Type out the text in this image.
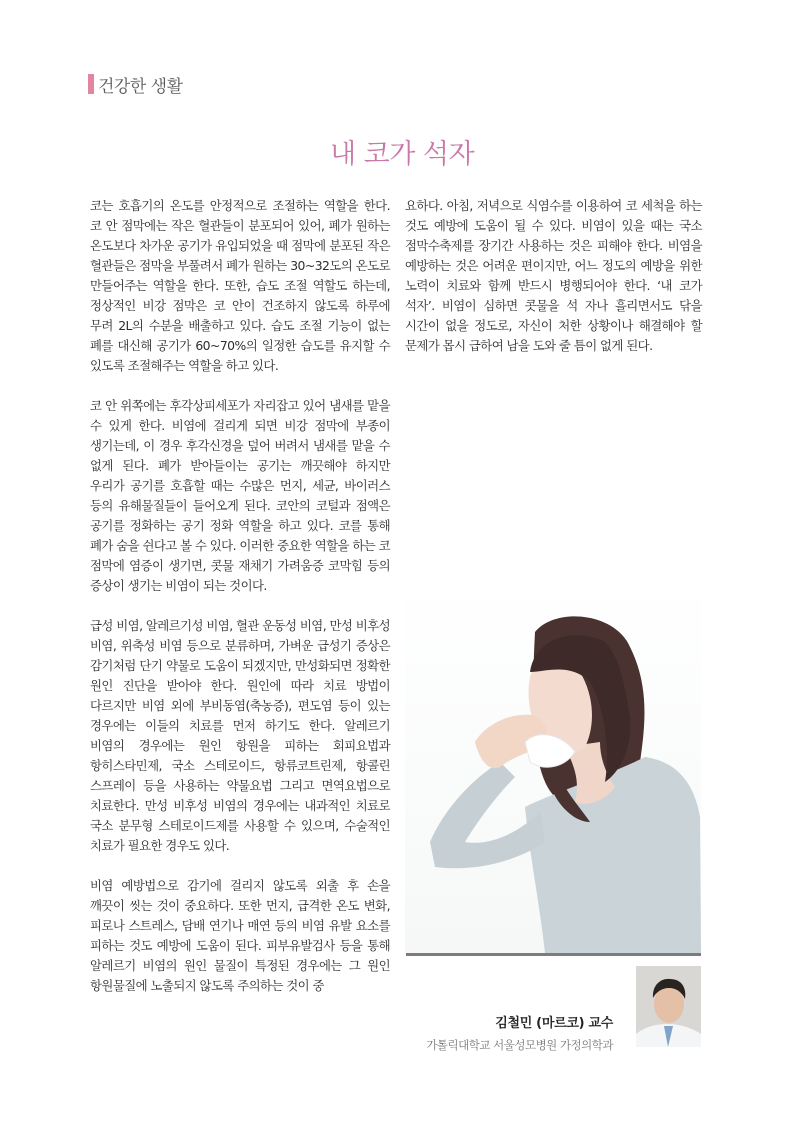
건강한 생활
내 코가 석자

코는 호흡기의 온도를 안정적으로 조절하는 역할을 한다. 코 안 점막에는 작은 혈관들이 분포되어 있어, 폐가 원하는 온도보다 차가운 공기가 유입되었을 때 점막에 분포된 작은 혈관들은 점막을 부풀려서 폐가 원하는 30~32도의 온도로 만들어주는 역할을 한다. 또한, 습도 조절 역할도 하는데, 정상적인 비강 점막은 코 안이 건조하지 않도록 하루에 무려 2L의 수분을 배출하고 있다. 습도 조절 기능이 없는 폐를 대신해 공기가 60~70%의 일정한 습도를 유지할 수 있도록 조절해주는 역할을 하고 있다.

코 안 위쪽에는 후각상피세포가 자리잡고 있어 냄새를 맡을 수 있게 한다. 비염에 걸리게 되면 비강 점막에 부종이 생기는데, 이 경우 후각신경을 덮어 버려서 냄새를 맡을 수 없게 된다. 폐가 받아들이는 공기는 깨끗해야 하지만 우리가 공기를 호흡할 때는 수많은 먼지, 세균, 바이러스 등의 유해물질들이 들어오게 된다. 코안의 코털과 점액은 공기를 정화하는 공기 정화 역할을 하고 있다. 코를 통해 폐가 숨을 쉰다고 볼 수 있다. 이러한 중요한 역할을 하는 코 점막에 염증이 생기면, 콧물 재채기 가려움증 코막힘 등의 증상이 생기는 비염이 되는 것이다.

급성 비염, 알레르기성 비염, 혈관 운동성 비염, 만성 비후성 비염, 위축성 비염 등으로 분류하며, 가벼운 급성기 증상은 감기처럼 단기 약물로 도움이 되겠지만, 만성화되면 정확한 원인 진단을 받아야 한다. 원인에 따라 치료 방법이 다르지만 비염 외에 부비동염(축농증), 편도염 등이 있는 경우에는 이들의 치료를 먼저 하기도 한다. 알레르기 비염의 경우에는 원인 항원을 피하는 회피요법과 항히스타민제, 국소 스테로이드, 항류코트린제, 항콜린 스프레이 등을 사용하는 약물요법 그리고 면역요법으로 치료한다. 만성 비후성 비염의 경우에는 내과적인 치료로 국소 분무형 스테로이드제를 사용할 수 있으며, 수술적인 치료가 필요한 경우도 있다.

비염 예방법으로 감기에 걸리지 않도록 외출 후 손을 깨끗이 씻는 것이 중요하다. 또한 먼지, 급격한 온도 변화, 피로나 스트레스, 담배 연기나 매연 등의 비염 유발 요소를 피하는 것도 예방에 도움이 된다. 피부유발검사 등을 통해 알레르기 비염의 원인 물질이 특정된 경우에는 그 원인 항원물질에 노출되지 않도록 주의하는 것이 중

요하다. 아침, 저녁으로 식염수를 이용하여 코 세척을 하는 것도 예방에 도움이 될 수 있다. 비염이 있을 때는 국소 점막수축제를 장기간 사용하는 것은 피해야 한다. 비염을 예방하는 것은 어려운 편이지만, 어느 정도의 예방을 위한 노력이 치료와 함께 반드시 병행되어야 한다. ‘내 코가 석자’. 비염이 심하면 콧물을 석 자나 흘리면서도 닦을 시간이 없을 정도로, 자신이 처한 상황이나 해결해야 할 문제가 몹시 급하여 남을 도와 줄 틈이 없게 된다.

김철민 (마르코) 교수
가톨릭대학교 서울성모병원 가정의학과
